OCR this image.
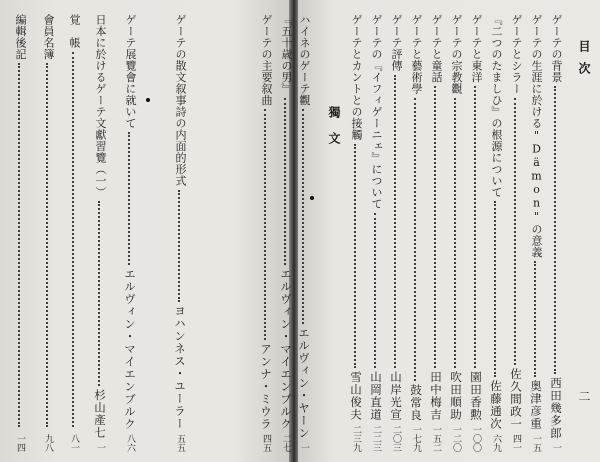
目次
二
獨文
ゲーテの背景
西田幾多郎
一
ゲーテの生涯に於ける"Dämon"の意義
奥津彦重
一五
ゲーテとシラー
佐久間政一
四一
『二つのたましひ』の根源について
佐藤通次
六九
ゲーテと東洋
園田香勲
一〇〇
ゲーテの宗教觀
吹田順助
一二〇
ゲーテと童話
田中梅吉
一五二
ゲーテと藝術學
鼓常良
一七九
ゲーテ評傳
山岸光宣
二〇三
ゲーテの『イフィゲーニェ』について
山岡直道
二二三
ゲーテとカントとの接觸
雪山俊夫
二三九
ハイネのゲーテ觀
エルヴィン・ヤーン
一
『五十歳の男』
エルヴィン・マイエンブルク
二七
ゲーテの主要叙曲
アンナ・ミウラ
四五
ゲーテの散文叙事詩の内面的形式
ヨハンネス・ユーラー
五五
ゲーテ展覽會に就いて
エルヴィン・マイエンブルク
八六
日本に於けるゲーテ文獻習覽（一）
杉山產七
一
覚　帳
八一
會員名簿
九八
編輯後記
一四
